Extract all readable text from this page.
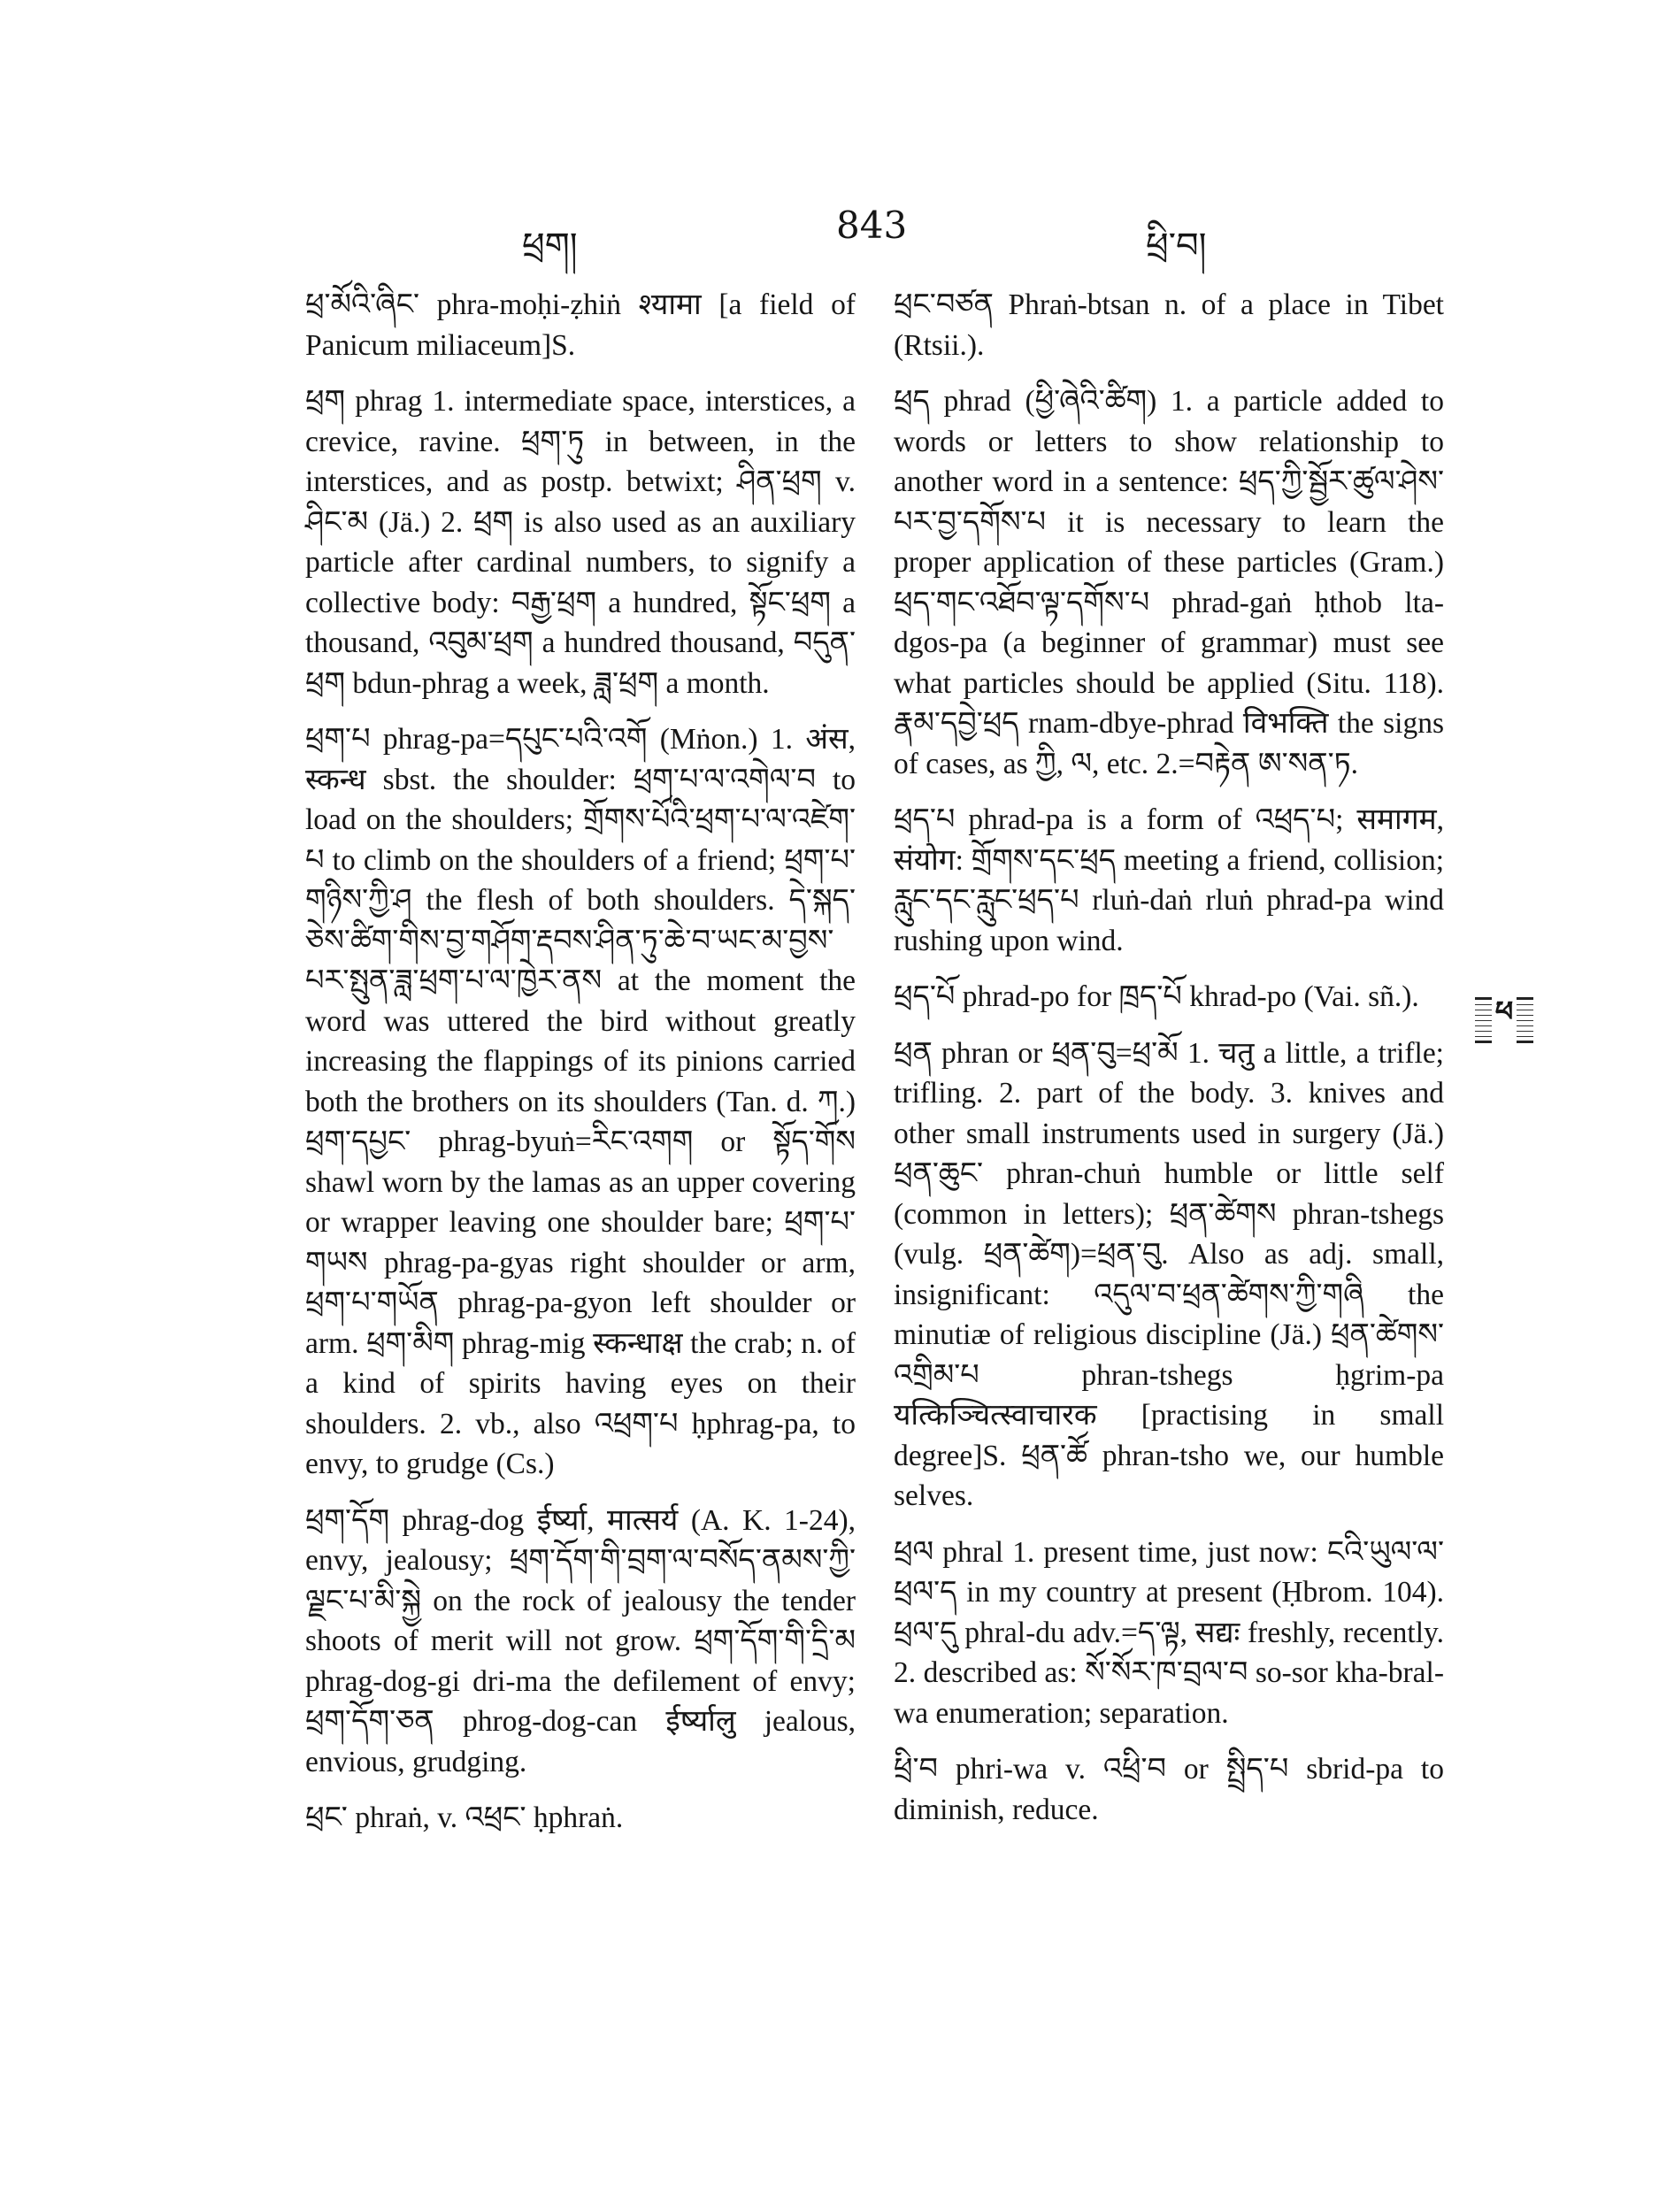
ཕྲག།	843	ཕྲི་བ།

ཕྲ་མོའི་ཞིང་ phra-moḥi-ẓhiṅ श्यामा [a field of Panicum miliaceum]S.

ཕྲག phrag 1. intermediate space, interstices, a crevice, ravine. ཕྲག་ཏུ in between, in the interstices, and as postp. betwixt; ཤིན་ཕྲག v. ཤིང་མ (Jä.) 2. ཕྲག is also used as an auxiliary particle after cardinal numbers, to signify a collective body: བརྒྱ་ཕྲག a hundred, སྟོང་ཕྲག a thousand, འབུམ་ཕྲག a hundred thousand, བདུན་ཕྲག bdun-phrag a week, ཟླ་ཕྲག a month.

ཕྲག་པ phrag-pa=དཔུང་པའི་འགོ (Mṅon.) 1. अंस, स्कन्ध sbst. the shoulder: ཕྲག་པ་ལ་འགེལ་བ to load on the shoulders; གྲོགས་པོའི་ཕྲག་པ་ལ་འཛེག་པ to climb on the shoulders of a friend; ཕྲག་པ་གཉིས་ཀྱི་ཤ the flesh of both shoulders. དེ་སྐད་ཅེས་ཚིག་གིས་བྱ་གཤོག་རྡབས་ཤིན་ཏུ་ཆེ་བ་ཡང་མ་བྱས་པར་སྤུན་ཟླ་ཕྲག་པ་ལ་ཁྱེར་ནས at the moment the word was uttered the bird without greatly increasing the flappings of its pinions carried both the brothers on its shoulders (Tan. d. ཀ.) ཕྲག་དཔྱང་ phrag-byuṅ=རིང་འགག or སྟོད་གོས shawl worn by the lamas as an upper covering or wrapper leaving one shoulder bare; ཕྲག་པ་གཡས phrag-pa-gyas right shoulder or arm, ཕྲག་པ་གཡོན phrag-pa-gyon left shoulder or arm. ཕྲག་མིག phrag-mig स्कन्धाक्ष the crab; n. of a kind of spirits having eyes on their shoulders. 2. vb., also འཕྲག་པ ḥphrag-pa, to envy, to grudge (Cs.)

ཕྲག་དོག phrag-dog ईर्ष्या, मात्सर्य (A. K. 1-24), envy, jealousy; ཕྲག་དོག་གི་བྲག་ལ་བསོད་ནམས་ཀྱི་ལྗང་པ་མི་སྐྱེ on the rock of jealousy the tender shoots of merit will not grow. ཕྲག་དོག་གི་དྲི་མ phrag-dog-gi dri-ma the defilement of envy; ཕྲག་དོག་ཅན phrog-dog-can ईर्ष्यालु jealous, envious, grudging.

ཕྲང་ phraṅ, v. འཕྲང་ ḥphraṅ.

ཕྲང་བཙན Phraṅ-btsan n. of a place in Tibet (Rtsii.).

ཕྲད phrad (ཕྱི་ཞེའི་ཚིག) 1. a particle added to words or letters to show relationship to another word in a sentence: ཕྲད་ཀྱི་སྦྱོར་ཚུལ་ཤེས་པར་བྱ་དགོས་པ it is necessary to learn the proper application of these particles (Gram.) ཕྲད་གང་འཐོབ་ལྟ་དགོས་པ phrad-gaṅ ḥthob lta-dgos-pa (a beginner of grammar) must see what particles should be applied (Situ. 118). རྣམ་དབྱེ་ཕྲད rnam-dbye-phrad विभक्ति the signs of cases, as ཀྱི, ལ, etc. 2.=བརྟེན ཨ་སན་ཏ.

ཕྲད་པ phrad-pa is a form of འཕྲད་པ; समागम, संयोग: གྲོགས་དང་ཕྲད meeting a friend, collision; རླུང་དང་རླུང་ཕྲད་པ rluṅ-daṅ rluṅ phrad-pa wind rushing upon wind.

ཕྲད་པོ phrad-po for ཁྲད་པོ khrad-po (Vai. sñ.).

ཕྲན phran or ཕྲན་བུ=ཕྲ་མོ 1. चतु a little, a trifle; trifling. 2. part of the body. 3. knives and other small instruments used in surgery (Jä.) ཕྲན་ཆུང་ phran-chuṅ humble or little self (common in letters); ཕྲན་ཚེགས phran-tshegs (vulg. ཕྲན་ཚེག)=ཕྲན་བུ. Also as adj. small, insignificant: འདུལ་བ་ཕྲན་ཚེགས་ཀྱི་གཞི the minutiæ of religious discipline (Jä.) ཕྲན་ཚེགས་འགྲིམ་པ phran-tshegs ḥgrim-pa यत्किञ्चित्स्वाचारक [practising in small degree]S. ཕྲན་ཚོ phran-tsho we, our humble selves.

ཕྲལ phral 1. present time, just now: ངའི་ཡུལ་ལ་ཕྲལ་ད in my country at present (Ḥbrom. 104). ཕྲལ་དུ phral-du adv.=ད་ལྟ, सद्यः freshly, recently. 2. described as: སོ་སོར་ཁ་བྲལ་བ so-sor kha-bral-wa enumeration; separation.

ཕྲི་བ phri-wa v. འཕྲི་བ or སྤྲིད་པ sbrid-pa to diminish, reduce.

ཕ
